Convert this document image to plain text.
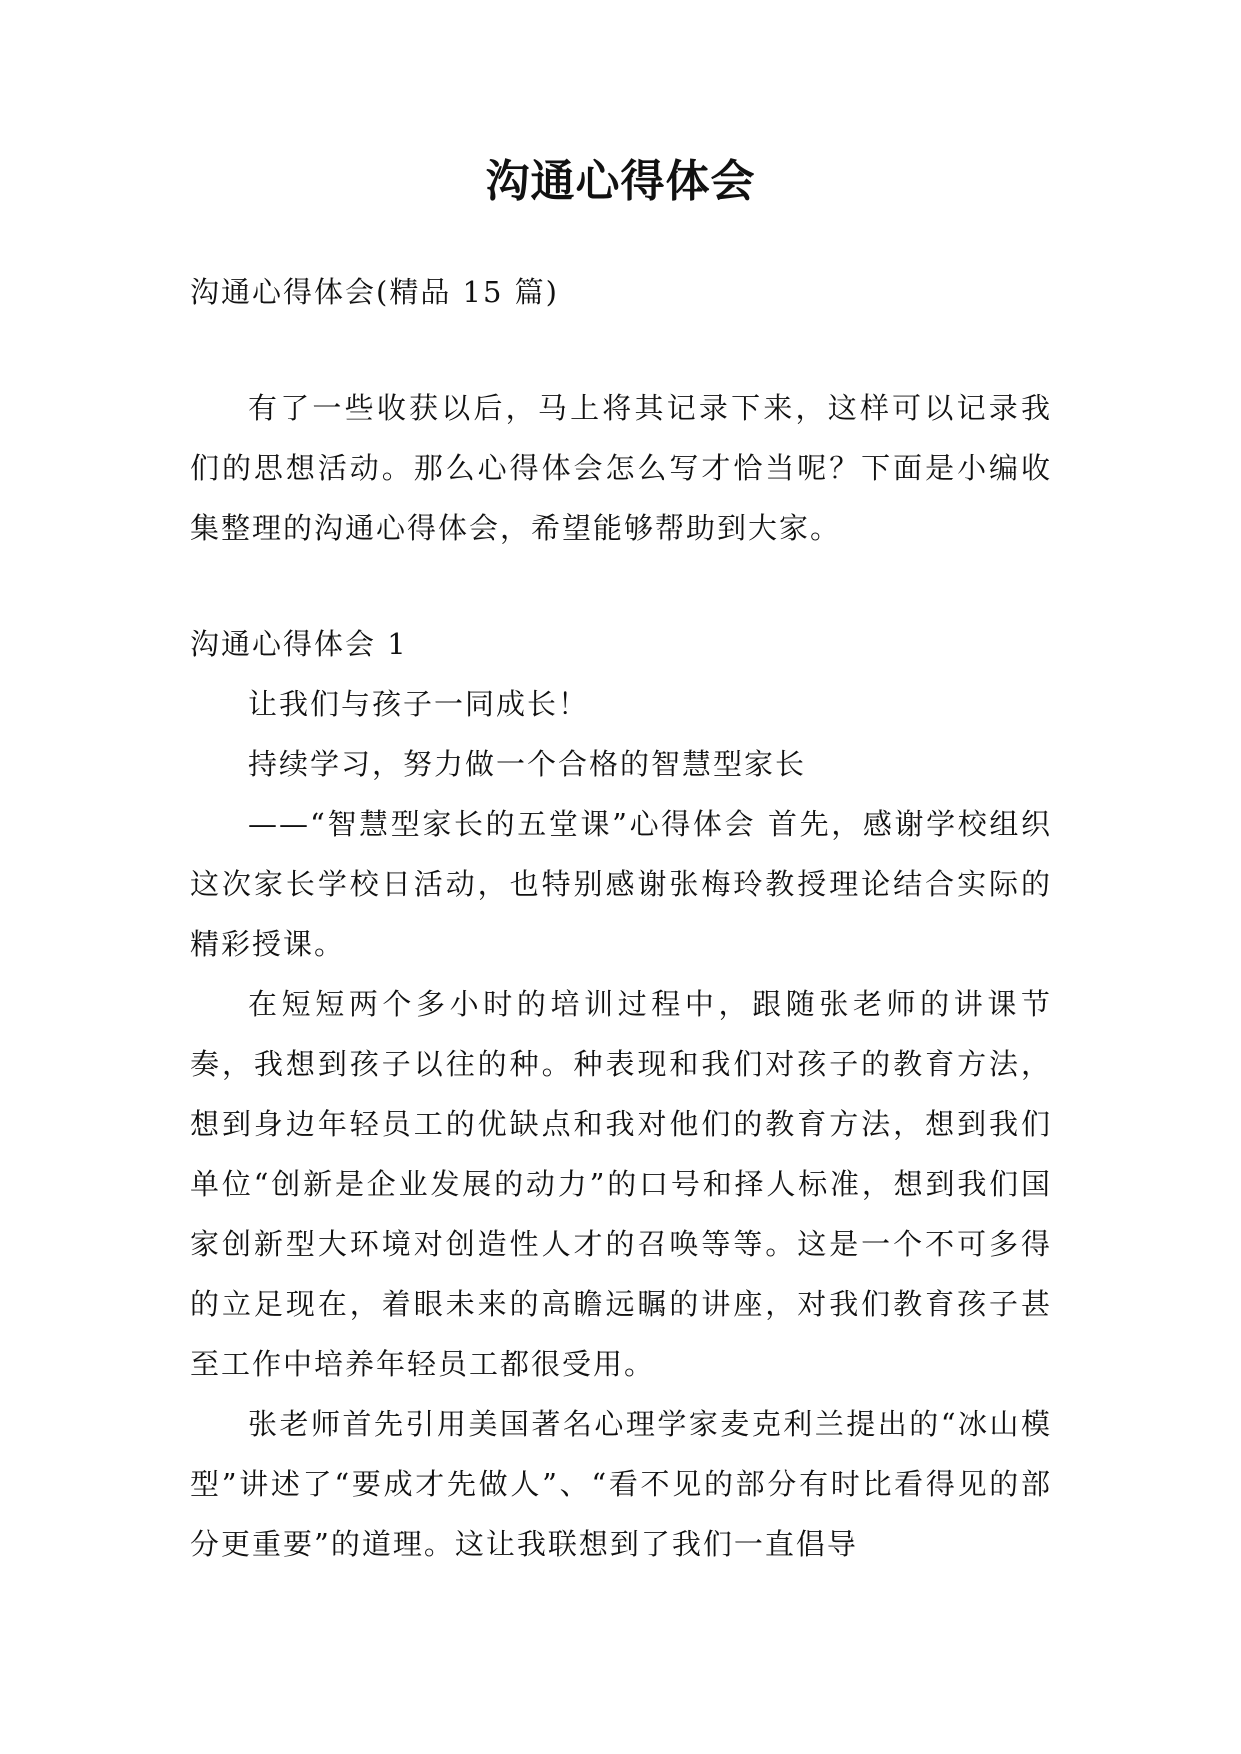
沟通心得体会

沟通心得体会(精品 15 篇)

有了一些收获以后，马上将其记录下来，这样可以记录我们的思想活动。那么心得体会怎么写才恰当呢？下面是小编收集整理的沟通心得体会，希望能够帮助到大家。

沟通心得体会 1

让我们与孩子一同成长！

持续学习，努力做一个合格的智慧型家长

——“智慧型家长的五堂课”心得体会 首先，感谢学校组织这次家长学校日活动，也特别感谢张梅玲教授理论结合实际的精彩授课。

在短短两个多小时的培训过程中，跟随张老师的讲课节奏，我想到孩子以往的种。种表现和我们对孩子的教育方法，想到身边年轻员工的优缺点和我对他们的教育方法，想到我们单位“创新是企业发展的动力”的口号和择人标准，想到我们国家创新型大环境对创造性人才的召唤等等。这是一个不可多得的立足现在，着眼未来的高瞻远瞩的讲座，对我们教育孩子甚至工作中培养年轻员工都很受用。

张老师首先引用美国著名心理学家麦克利兰提出的“冰山模型”讲述了“要成才先做人”、“看不见的部分有时比看得见的部分更重要”的道理。这让我联想到了我们一直倡导
